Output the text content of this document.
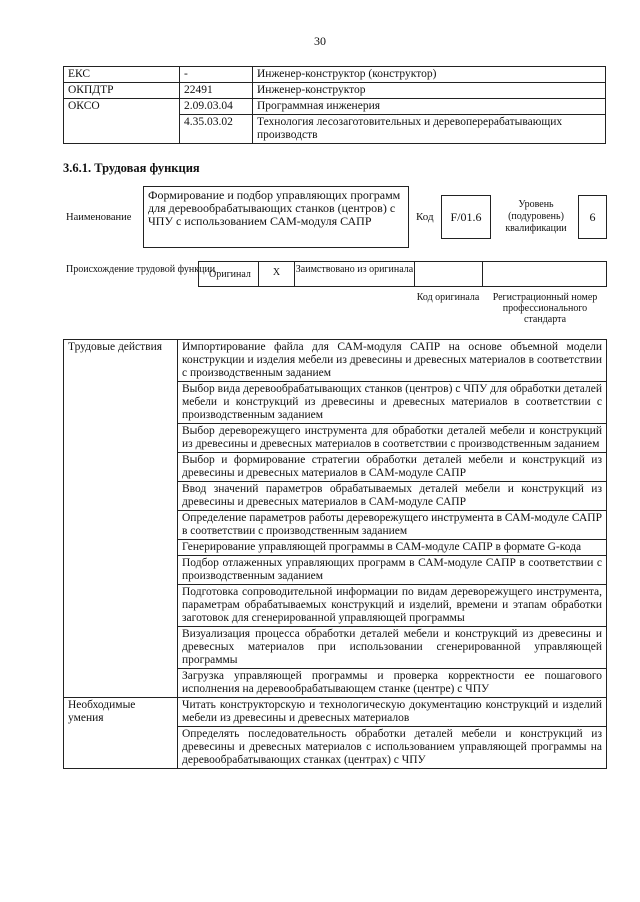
30
ЕКС	-	Инженер-конструктор (конструктор)
ОКПДТР	22491	Инженер-конструктор
ОКСО	2.09.03.04	Программная инженерия
	4.35.03.02	Технология лесозаготовительных и деревоперерабатывающих производств
3.6.1. Трудовая функция
Наименование
Формирование и подбор управляющих программ для деревообрабатывающих станков (центров) с ЧПУ с использованием САМ-модуля САПР	Код	F/01.6
Уровень (подуровень) квалификации
6
Происхождение трудовой функции
Оригинал	X	Заимствовано из оригинала
Код оригинала	Регистрационный номер профессионального стандарта
Трудовые действия	Импортирование файла для САМ-модуля САПР на основе объемной модели конструкции и изделия мебели из древесины и древесных материалов в соответствии с производственным заданием
	Выбор вида деревообрабатывающих станков (центров) с ЧПУ для обработки деталей мебели и конструкций из древесины и древесных материалов в соответствии с производственным заданием
	Выбор дереворежущего инструмента для обработки деталей мебели и конструкций из древесины и древесных материалов в соответствии с производственным заданием
	Выбор и формирование стратегии обработки деталей мебели и конструкций из древесины и древесных материалов в САМ-модуле САПР
	Ввод значений параметров обрабатываемых деталей мебели и конструкций из древесины и древесных материалов в САМ-модуле САПР
	Определение параметров работы дереворежущего инструмента в САМ-модуле САПР в соответствии с производственным заданием
	Генерирование управляющей программы в САМ-модуле САПР в формате G-кода
	Подбор отлаженных управляющих программ в САМ-модуле САПР в соответствии с производственным заданием
	Подготовка сопроводительной информации по видам дереворежущего инструмента, параметрам обрабатываемых конструкций и изделий, времени и этапам обработки заготовок для сгенерированной управляющей программы
	Визуализация процесса обработки деталей мебели и конструкций из древесины и древесных материалов при использовании сгенерированной управляющей программы
	Загрузка управляющей программы и проверка корректности ее пошагового исполнения на деревообрабатывающем станке (центре) с ЧПУ
Необходимые умения	Читать конструкторскую и технологическую документацию конструкций и изделий мебели из древесины и древесных материалов
	Определять последовательность обработки деталей мебели и конструкций из древесины и древесных материалов с использованием управляющей программы на деревообрабатывающих станках (центрах) с ЧПУ
